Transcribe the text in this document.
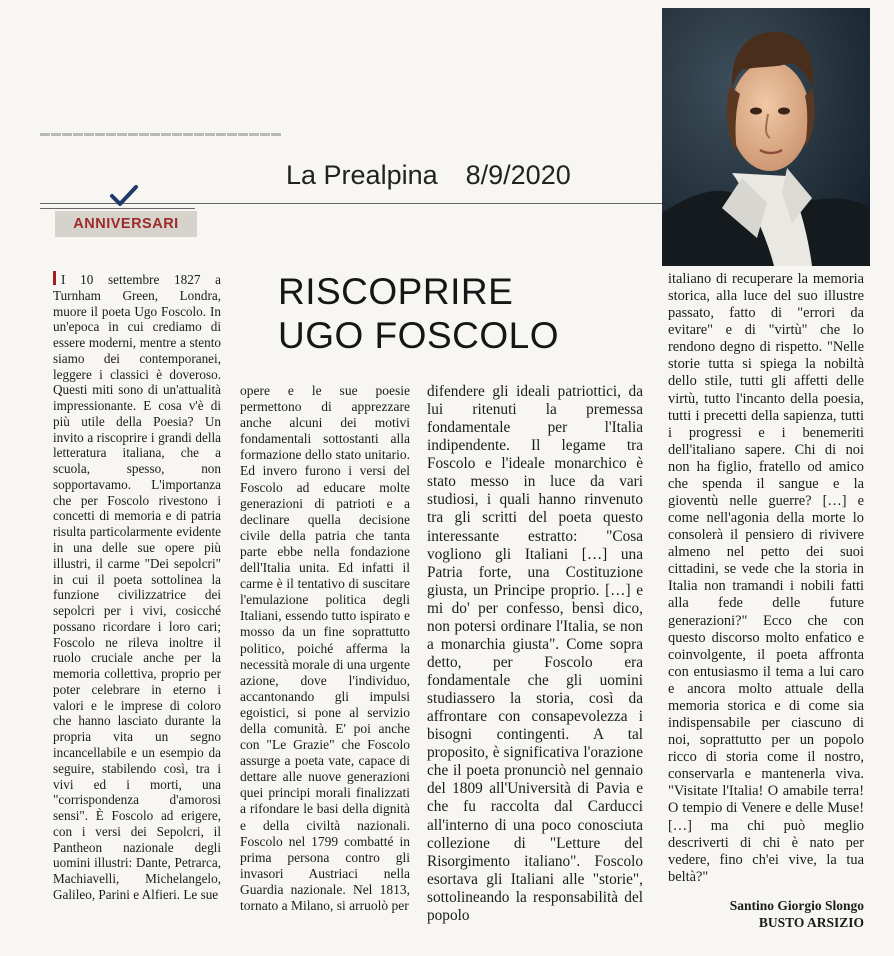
▬▬▬▬▬▬▬▬▬▬▬▬▬▬▬▬▬▬▬▬▬▬
La Prealpina 8/9/2020
ANNIVERSARI
RISCOPRIRE
UGO FOSCOLO

I 10 settembre 1827 a Turnham Green, Londra, muore il poeta Ugo Foscolo. In un'epoca in cui crediamo di essere moderni, mentre a stento siamo dei contemporanei, leggere i classici è doveroso. Questi miti sono di un'attualità impressionante. E cosa v'è di più utile della Poesia? Un invito a riscoprire i grandi della letteratura italiana, che a scuola, spesso, non sopportavamo. L'importanza che per Foscolo rivestono i concetti di memoria e di patria risulta particolarmente evidente in una delle sue opere più illustri, il carme "Dei sepolcri" in cui il poeta sottolinea la funzione civilizzatrice dei sepolcri per i vivi, cosicché possano ricordare i loro cari; Foscolo ne rileva inoltre il ruolo cruciale anche per la memoria collettiva, proprio per poter celebrare in eterno i valori e le imprese di coloro che hanno lasciato durante la propria vita un segno incancellabile e un esempio da seguire, stabilendo così, tra i vivi ed i morti, una "corrispondenza d'amorosi sensi". È Foscolo ad erigere, con i versi dei Sepolcri, il Pantheon nazionale degli uomini illustri: Dante, Petrarca, Machiavelli, Michelangelo, Galileo, Parini e Alfieri. Le sue

opere e le sue poesie permettono di apprezzare anche alcuni dei motivi fondamentali sottostanti alla formazione dello stato unitario. Ed invero furono i versi del Foscolo ad educare molte generazioni di patrioti e a declinare quella decisione civile della patria che tanta parte ebbe nella fondazione dell'Italia unita. Ed infatti il carme è il tentativo di suscitare l'emulazione politica degli Italiani, essendo tutto ispirato e mosso da un fine soprattutto politico, poiché afferma la necessità morale di una urgente azione, dove l'individuo, accantonando gli impulsi egoistici, si pone al servizio della comunità. E' poi anche con "Le Grazie" che Foscolo assurge a poeta vate, capace di dettare alle nuove generazioni quei principi morali finalizzati a rifondare le basi della dignità e della civiltà nazionali. Foscolo nel 1799 combatté in prima persona contro gli invasori Austriaci nella Guardia nazionale. Nel 1813, tornato a Milano, si arruolò per

difendere gli ideali patriottici, da lui ritenuti la premessa fondamentale per l'Italia indipendente. Il legame tra Foscolo e l'ideale monarchico è stato messo in luce da vari studiosi, i quali hanno rinvenuto tra gli scritti del poeta questo interessante estratto: "Cosa vogliono gli Italiani […] una Patria forte, una Costituzione giusta, un Principe proprio. […] e mi do' per confesso, bensì dico, non potersi ordinare l'Italia, se non a monarchia giusta". Come sopra detto, per Foscolo era fondamentale che gli uomini studiassero la storia, così da affrontare con consapevolezza i bisogni contingenti. A tal proposito, è significativa l'orazione che il poeta pronunciò nel gennaio del 1809 all'Università di Pavia e che fu raccolta dal Carducci all'interno di una poco conosciuta collezione di "Letture del Risorgimento italiano". Foscolo esortava gli Italiani alle "storie", sottolineando la responsabilità del popolo

italiano di recuperare la memoria storica, alla luce del suo illustre passato, fatto di "errori da evitare" e di "virtù" che lo rendono degno di rispetto. "Nelle storie tutta si spiega la nobiltà dello stile, tutti gli affetti delle virtù, tutto l'incanto della poesia, tutti i precetti della sapienza, tutti i progressi e i benemeriti dell'italiano sapere. Chi di noi non ha figlio, fratello od amico che spenda il sangue e la gioventù nelle guerre? […] e come nell'agonia della morte lo consolerà il pensiero di rivivere almeno nel petto dei suoi cittadini, se vede che la storia in Italia non tramandi i nobili fatti alla fede delle future generazioni?" Ecco che con questo discorso molto enfatico e coinvolgente, il poeta affronta con entusiasmo il tema a lui caro e ancora molto attuale della memoria storica e di come sia indispensabile per ciascuno di noi, soprattutto per un popolo ricco di storia come il nostro, conservarla e mantenerla viva. "Visitate l'Italia! O amabile terra! O tempio di Venere e delle Muse! […] ma chi può meglio descriverti di chi è nato per vedere, fino ch'ei vive, la tua beltà?"

Santino Giorgio Slongo
BUSTO ARSIZIO
